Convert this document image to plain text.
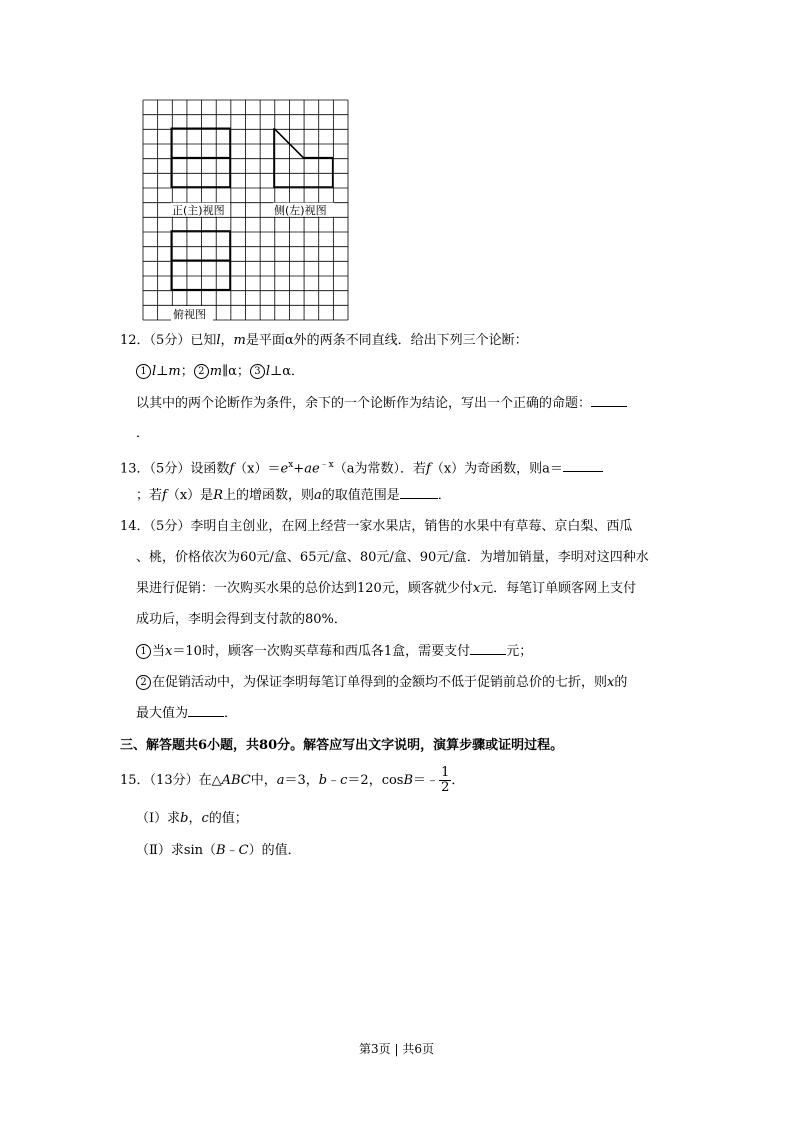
正(主)视图	侧(左)视图
俯视图
12．（5分）已知l，m是平面α外的两条不同直线．给出下列三个论断：
1 l⊥m； 2 m∥α； 3 l⊥α．
以其中的两个论断作为条件，余下的一个论断作为结论，写出一个正确的命题：
．
13．（5分）设函数$f(x)=e^x+ae^{﹣x}(a$为常数）．若f（x）为奇函数，则a＝
；若f（x）是R上的增函数，则a的取值范围是	．
14．（5分）李明自主创业，在网上经营一家水果店，销售的水果中有草莓、京白梨、西瓜
、桃，价格依次为60元/盒、65元/盒、80元/盒、90元/盒．为增加销量，李明对这四种水
果进行促销：一次购买水果的总价达到120元，顾客就少付x元．每笔订单顾客网上支付
成功后，李明会得到支付款的80%．
1 当x＝10时，顾客一次购买草莓和西瓜各1盒，需要支付	元；
2 在促销活动中，为保证李明每笔订单得到的金额均不低于促销前总价的七折，则x的
最大值为	．
三、解答题共6小题，共80分。解答应写出文字说明，演算步骤或证明过程。
15．（13分）在△ABC中，a＝3，b﹣c＝2，cosB＝﹣ $\frac{1}{2}$ ．
（Ⅰ）求b，c的值；
（Ⅱ）求sin（B﹣C）的值．
第3页 | 共6页
